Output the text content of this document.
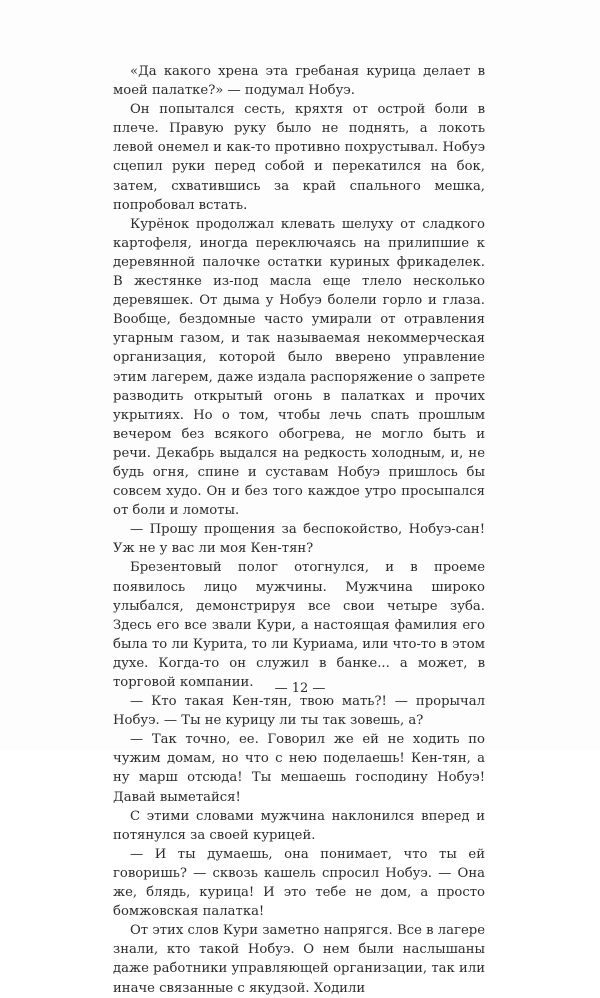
«Да какого хрена эта гребаная курица делает в моей палатке?» — подумал Нобуэ.

Он попытался сесть, кряхтя от острой боли в плече. Правую руку было не поднять, а локоть левой онемел и как-то противно похрустывал. Нобуэ сцепил руки перед собой и перекатился на бок, затем, схватившись за край спального мешка, попробовал встать.

Курёнок продолжал клевать шелуху от сладкого картофеля, иногда переключаясь на прилипшие к деревянной палочке остатки куриных фрикаделек. В жестянке из-под масла еще тлело несколько деревяшек. От дыма у Нобуэ болели горло и глаза. Вообще, бездомные часто умирали от отравления угарным газом, и так называемая некоммерческая организация, которой было вверено управление этим лагерем, даже издала распоряжение о запрете разводить открытый огонь в палатках и прочих укрытиях. Но о том, чтобы лечь спать прошлым вечером без всякого обогрева, не могло быть и речи. Декабрь выдался на редкость холодным, и, не будь огня, спине и суставам Нобуэ пришлось бы совсем худо. Он и без того каждое утро просыпался от боли и ломоты.

— Прошу прощения за беспокойство, Нобуэ-сан! Уж не у вас ли моя Кен-тян?

Брезентовый полог отогнулся, и в проеме появилось лицо мужчины. Мужчина широко улыбался, демонстрируя все свои четыре зуба. Здесь его все звали Кури, а настоящая фамилия его была то ли Курита, то ли Куриама, или что-то в этом духе. Когда-то он служил в банке... а может, в торговой компании.

— Кто такая Кен-тян, твою мать?! — прорычал Нобуэ. — Ты не курицу ли ты так зовешь, а?

— Так точно, ее. Говорил же ей не ходить по чужим домам, но что с нею поделаешь! Кен-тян, а ну марш отсюда! Ты мешаешь господину Нобуэ! Давай выметайся!

С этими словами мужчина наклонился вперед и потянулся за своей курицей.

— И ты думаешь, она понимает, что ты ей говоришь? — сквозь кашель спросил Нобуэ. — Она же, блядь, курица! И это тебе не дом, а просто бомжовская палатка!

От этих слов Кури заметно напрягся. Все в лагере знали, кто такой Нобуэ. О нем были наслышаны даже работники управляющей организации, так или иначе связанные с якудзой. Ходили

— 12 —
